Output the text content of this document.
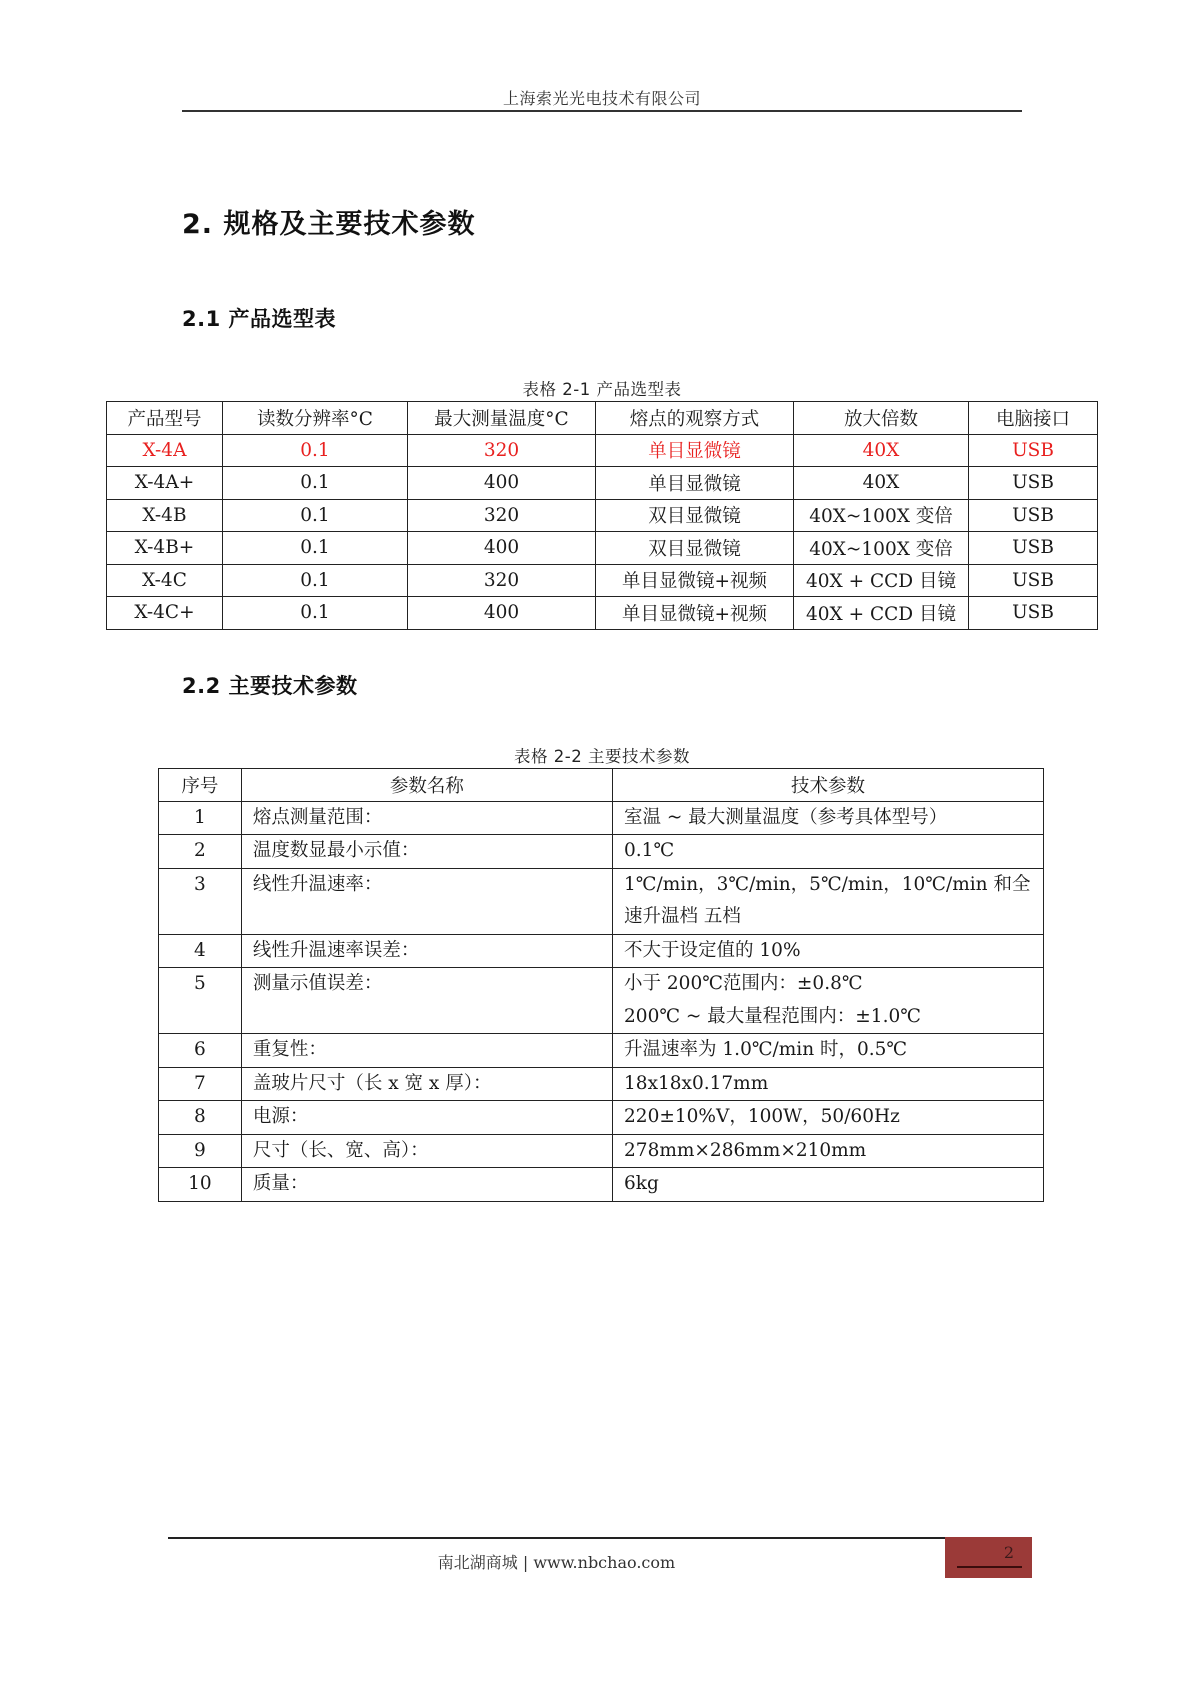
上海索光光电技术有限公司
2. 规格及主要技术参数
2.1 产品选型表
表格 2-1 产品选型表
产品型号	读数分辨率°C	最大测量温度°C	熔点的观察方式	放大倍数	电脑接口
X-4A	0.1	320	单目显微镜	40X	USB
X-4A+	0.1	400	单目显微镜	40X	USB
X-4B	0.1	320	双目显微镜	40X~100X 变倍	USB
X-4B+	0.1	400	双目显微镜	40X~100X 变倍	USB
X-4C	0.1	320	单目显微镜+视频	40X + CCD 目镜	USB
X-4C+	0.1	400	单目显微镜+视频	40X + CCD 目镜	USB
2.2 主要技术参数
表格 2-2 主要技术参数
序号	参数名称	技术参数
1	熔点测量范围：	室温 ~ 最大测量温度（参考具体型号）

2	温度数显最小示值：	0.1℃

3	线性升温速率：	1℃/min，3℃/min，5℃/min，10℃/min 和全
速升温档 五档

4	线性升温速率误差：	不大于设定值的 10%

5	测量示值误差：	小于 200℃范围内：±0.8℃
200℃ ~ 最大量程范围内：±1.0℃

6	重复性：	升温速率为 1.0℃/min 时，0.5℃

7	盖玻片尺寸（长 x 宽 x 厚）：	18x18x0.17mm

8	电源：	220±10%V，100W，50/60Hz

9	尺寸（长、宽、高）：	278mm×286mm×210mm

10	质量：	6kg
南北湖商城 | www.nbchao.com
2
